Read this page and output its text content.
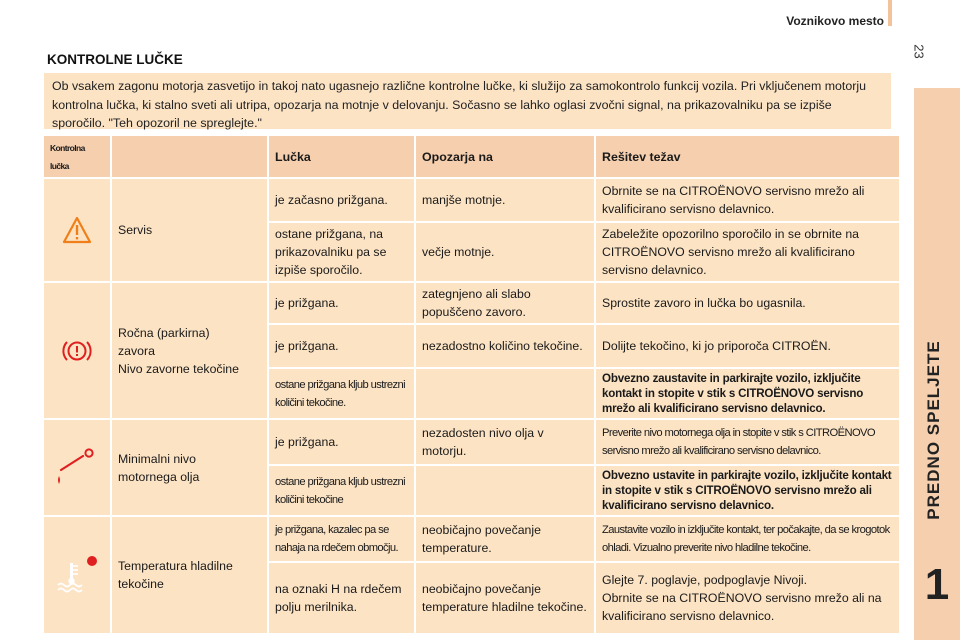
Voznikovo mesto
23
PREDNO SPELJETE
1
KONTROLNE LUČKE
Ob vsakem zagonu motorja zasvetijo in takoj nato ugasnejo različne kontrolne lučke, ki služijo za samokontrolo funkcij vozila. Pri vključenem motorju kontrolna lučka, ki stalno sveti ali utripa, opozarja na motnje v delovanju. Sočasno se lahko oglasi zvočni signal, na prikazovalniku pa se izpiše sporočilo. "Teh opozoril ne spreglejte."
Kontrolna lučka		Lučka	Opozarja na	Rešitev težav

	Servis	je začasno prižgana.	manjše motnje.	Obrnite se na CITROËNOVO servisno mrežo ali kvalificirano servisno delavnico.
		ostane prižgana, na prikazovalniku pa se izpiše sporočilo.	večje motnje.	Zabeležite opozorilno sporočilo in se obrnite na CITROËNOVO servisno mrežo ali kvalificirano servisno delavnico.

Ročna (parkirna)
zavora
Nivo zavorne tekočine	je prižgana.	zategnjeno ali slabo popuščeno zavoro.	Sprostite zavoro in lučka bo ugasnila.
		je prižgana.	nezadostno količino tekočine.	Dolijte tekočino, ki jo priporoča CITROËN.
		ostane prižgana kljub ustrezni količini tekočine.		Obvezno zaustavite in parkirajte vozilo, izključite kontakt in stopite v stik s CITROËNOVO servisno mrežo ali kvalificirano servisno delavnico.

Minimalni nivo
motornega olja	je prižgana.	nezadosten nivo olja v motorju.	Preverite nivo motornega olja in stopite v stik s CITROËNOVO servisno mrežo ali kvalificirano servisno delavnico.
		ostane prižgana kljub ustrezni količini tekočine		Obvezno ustavite in parkirajte vozilo, izključite kontakt in stopite v stik s CITROËNOVO servisno mrežo ali kvalificirano servisno delavnico.

Temperatura hladilne
tekočine	je prižgana, kazalec pa se nahaja na rdečem območju.	neobičajno povečanje temperature.	Zaustavite vozilo in izključite kontakt, ter počakajte, da se krogotok ohladi. Vizualno preverite nivo hladilne tekočine.
		na oznaki H na rdečem polju merilnika.	neobičajno povečanje temperature hladilne tekočine.	Glejte 7. poglavje, podpoglavje Nivoji.
Obrnite se na CITROËNOVO servisno mrežo ali na kvalificirano servisno delavnico.
